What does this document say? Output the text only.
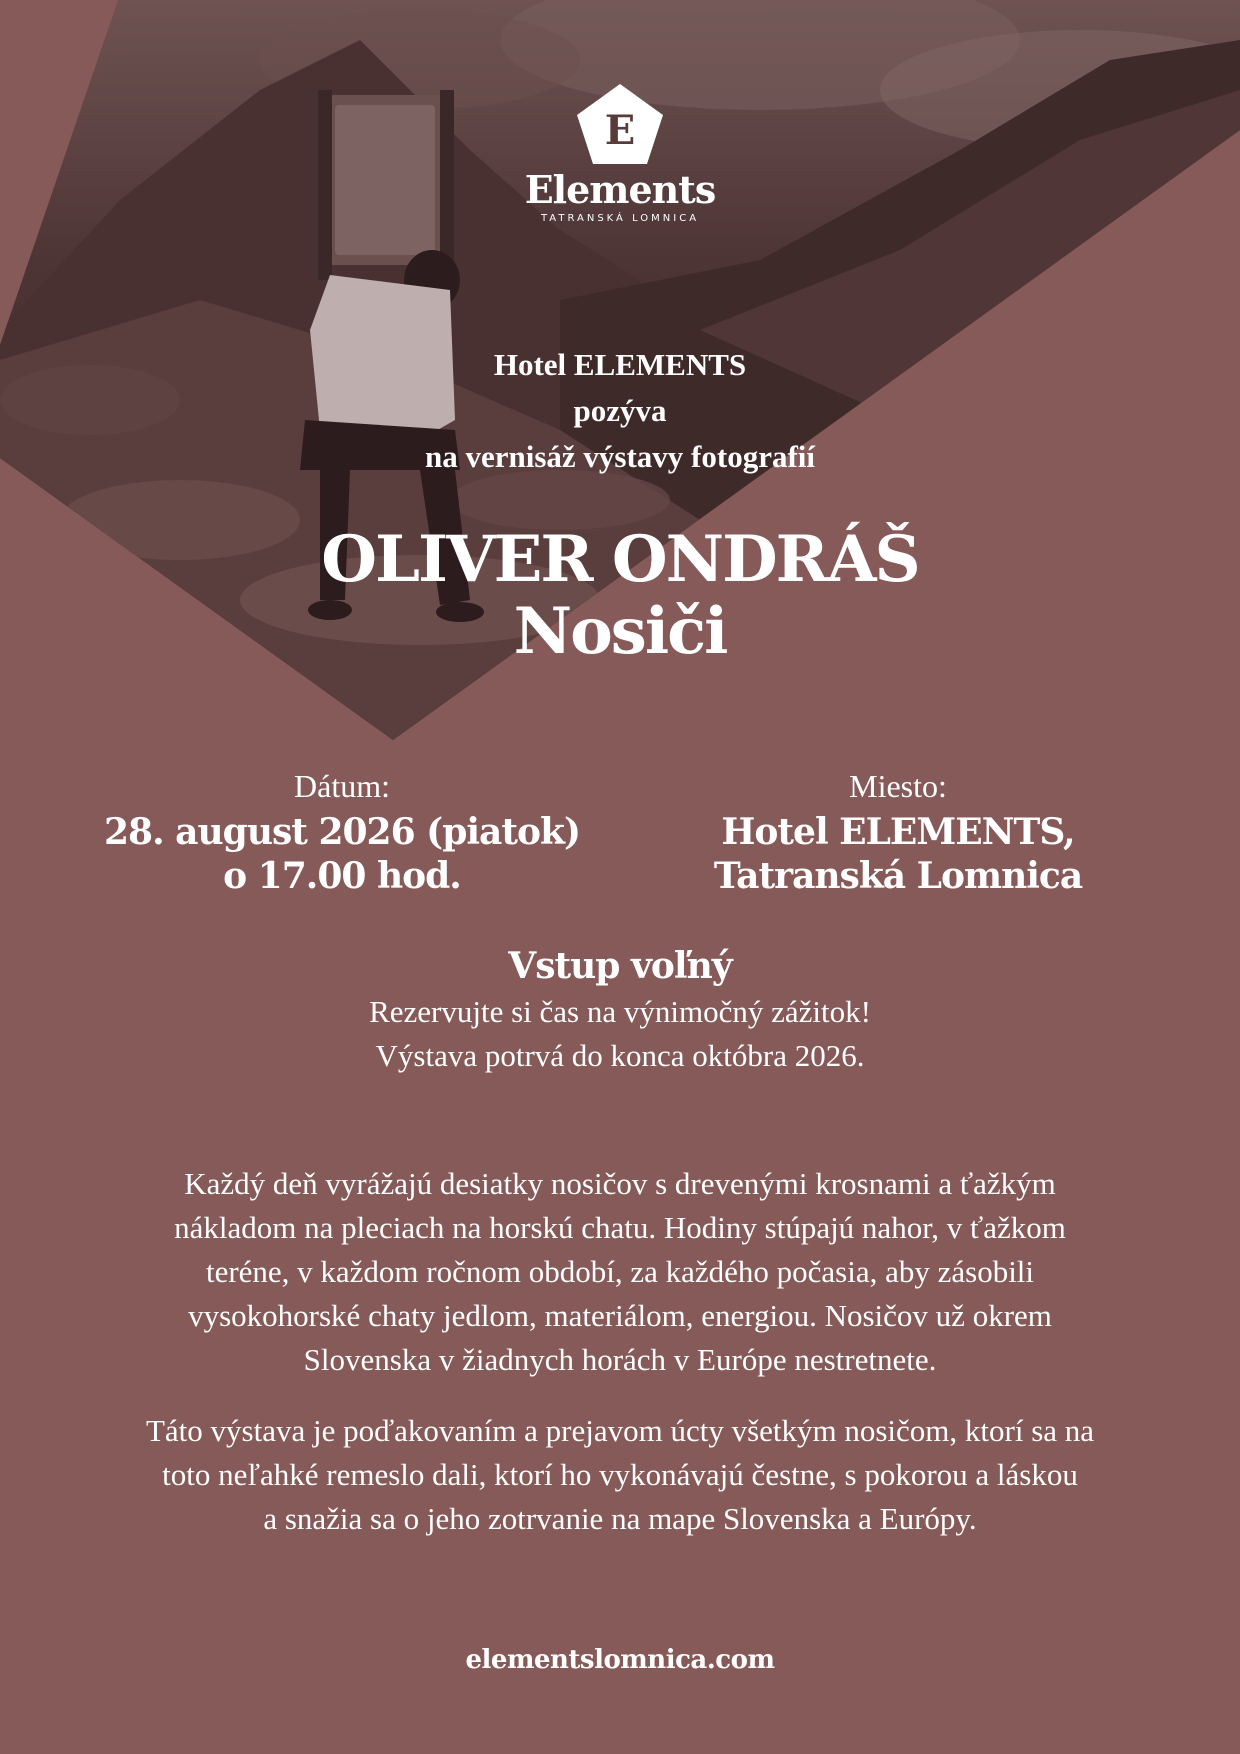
E
Elements
TATRANSKÁ LOMNICA
Hotel ELEMENTS
pozýva
na vernisáž výstavy fotografií
OLIVER ONDRÁŠ
Nosiči
Dátum:
28. august 2026 (piatok)
o 17.00 hod.
Miesto:
Hotel ELEMENTS,
Tatranská Lomnica
Vstup voľný
Rezervujte si čas na výnimočný zážitok!
Výstava potrvá do konca októbra 2026.
Každý deň vyrážajú desiatky nosičov s drevenými krosnami a ťažkým
nákladom na pleciach na horskú chatu. Hodiny stúpajú nahor, v ťažkom
teréne, v každom ročnom období, za každého počasia, aby zásobili
vysokohorské chaty jedlom, materiálom, energiou. Nosičov už okrem
Slovenska v žiadnych horách v Európe nestretnete.
Táto výstava je poďakovaním a prejavom úcty všetkým nosičom, ktorí sa na
toto neľahké remeslo dali, ktorí ho vykonávajú čestne, s pokorou a láskou
a snažia sa o jeho zotrvanie na mape Slovenska a Európy.
elementslomnica.com
